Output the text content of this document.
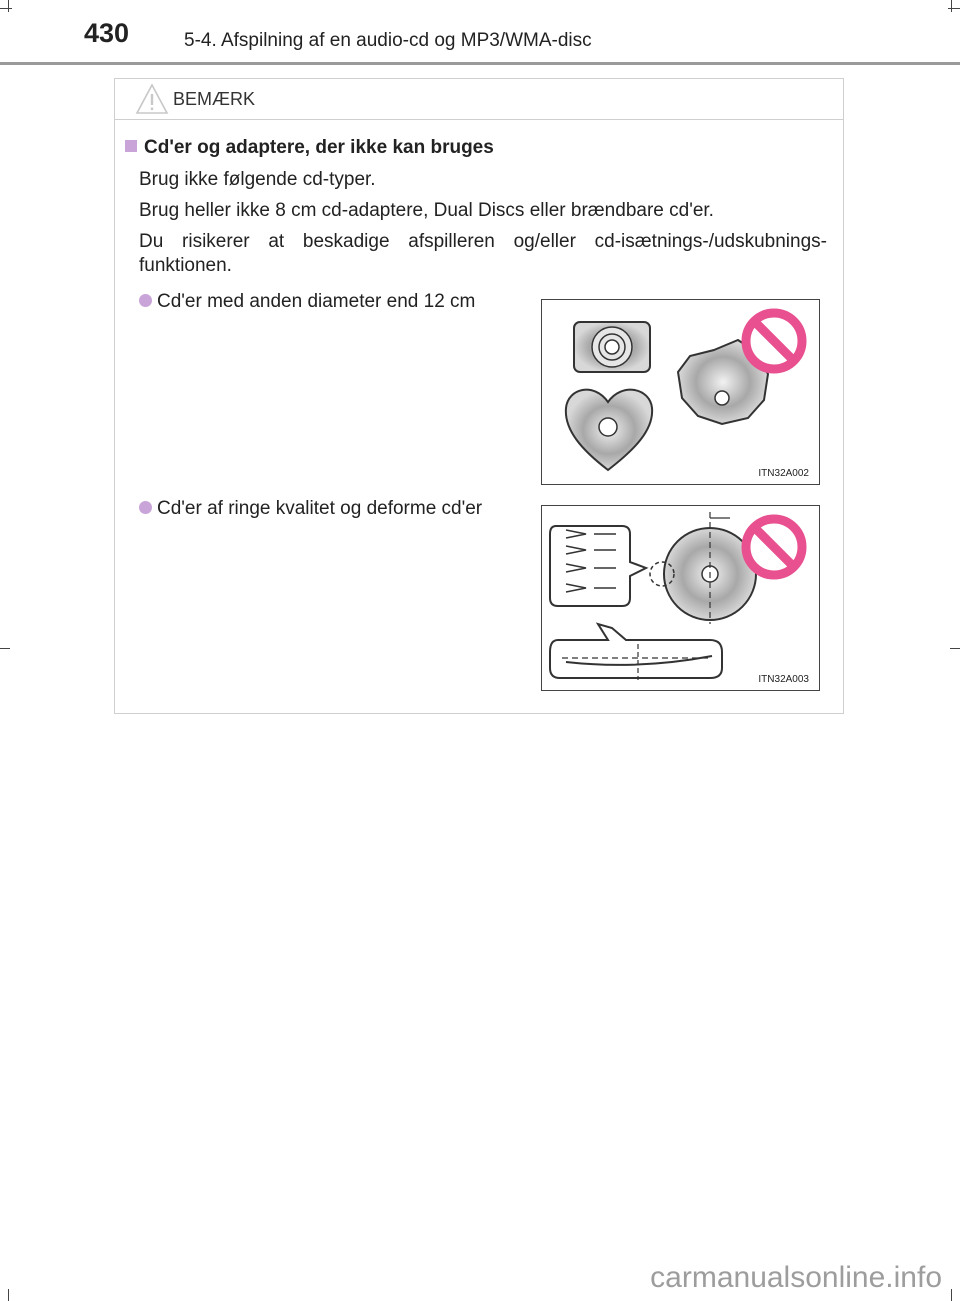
430	5-4. Afspilning af en audio-cd og MP3/WMA-disc
BEMÆRK
Cd'er og adaptere, der ikke kan bruges
Brug ikke følgende cd-typer.
Brug heller ikke 8 cm cd-adaptere, Dual Discs eller brændbare cd'er.
Du risikerer at beskadige afspilleren og/eller cd-isætnings-/udskubnings-funktionen.
Cd'er med anden diameter end 12 cm
ITN32A002
Cd'er af ringe kvalitet og deforme cd'er
ITN32A003
carmanualsonline.info
